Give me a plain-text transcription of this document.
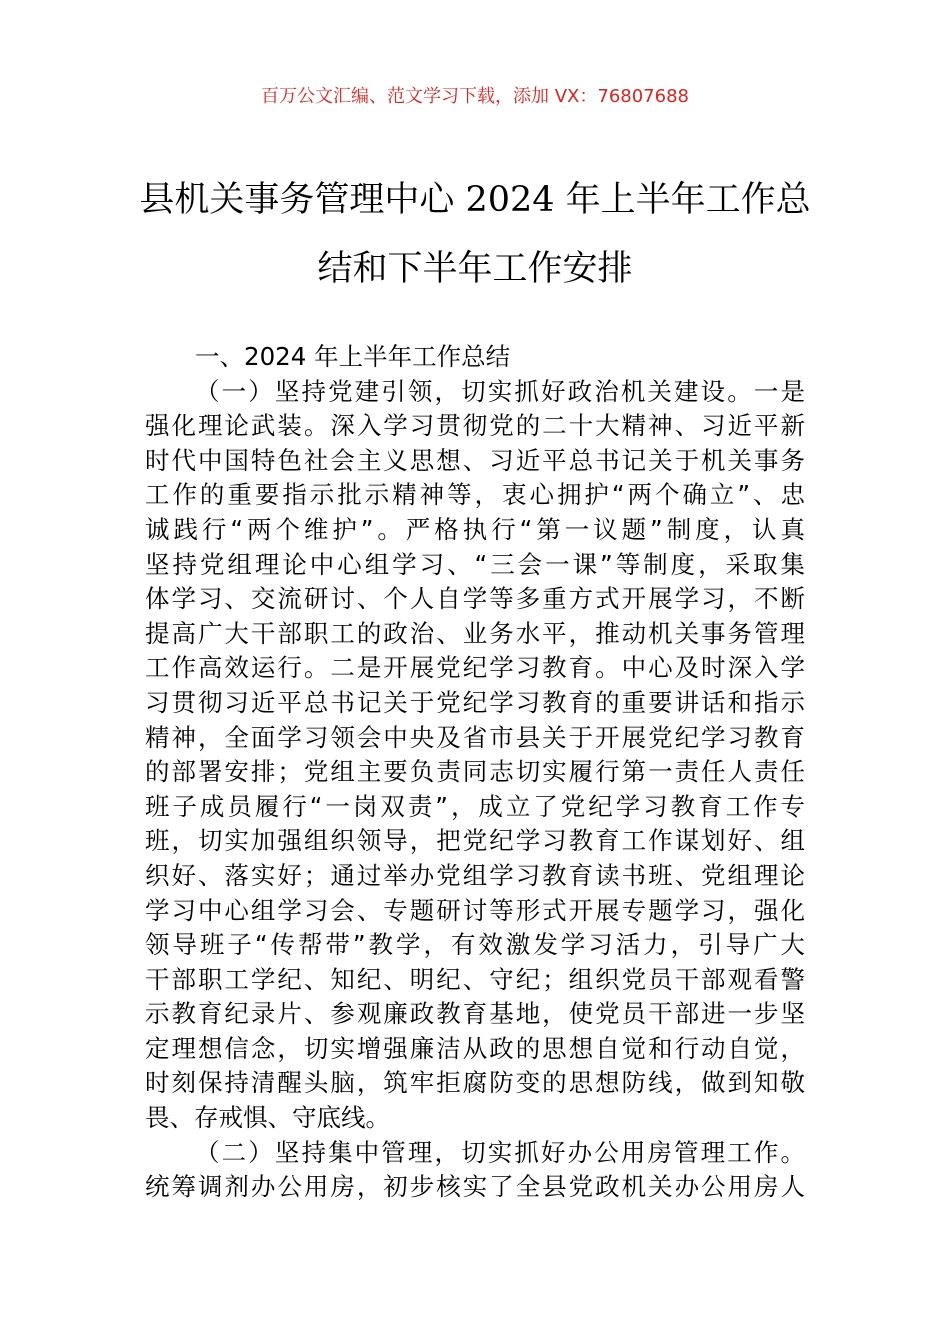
百万公文汇编、范文学习下载，添加 VX：76807688
县机关事务管理中心 2024 年上半年工作总
结和下半年工作安排
一、2024 年上半年工作总结
（一）坚持党建引领，切实抓好政治机关建设。一是
强化理论武装。深入学习贯彻党的二十大精神、习近平新
时代中国特色社会主义思想、习近平总书记关于机关事务
工作的重要指示批示精神等，衷心拥护“两个确立”、忠
诚践行“两个维护”。严格执行“第一议题”制度，认真
坚持党组理论中心组学习、“三会一课”等制度，采取集
体学习、交流研讨、个人自学等多重方式开展学习，不断
提高广大干部职工的政治、业务水平，推动机关事务管理
工作高效运行。二是开展党纪学习教育。中心及时深入学
习贯彻习近平总书记关于党纪学习教育的重要讲话和指示
精神，全面学习领会中央及省市县关于开展党纪学习教育
的部署安排；党组主要负责同志切实履行第一责任人责任
班子成员履行“一岗双责”，成立了党纪学习教育工作专
班，切实加强组织领导，把党纪学习教育工作谋划好、组
织好、落实好；通过举办党组学习教育读书班、党组理论
学习中心组学习会、专题研讨等形式开展专题学习，强化
领导班子“传帮带”教学，有效激发学习活力，引导广大
干部职工学纪、知纪、明纪、守纪；组织党员干部观看警
示教育纪录片、参观廉政教育基地，使党员干部进一步坚
定理想信念，切实增强廉洁从政的思想自觉和行动自觉，
时刻保持清醒头脑，筑牢拒腐防变的思想防线，做到知敬
畏、存戒惧、守底线。
（二）坚持集中管理，切实抓好办公用房管理工作。
统筹调剂办公用房，初步核实了全县党政机关办公用房人
